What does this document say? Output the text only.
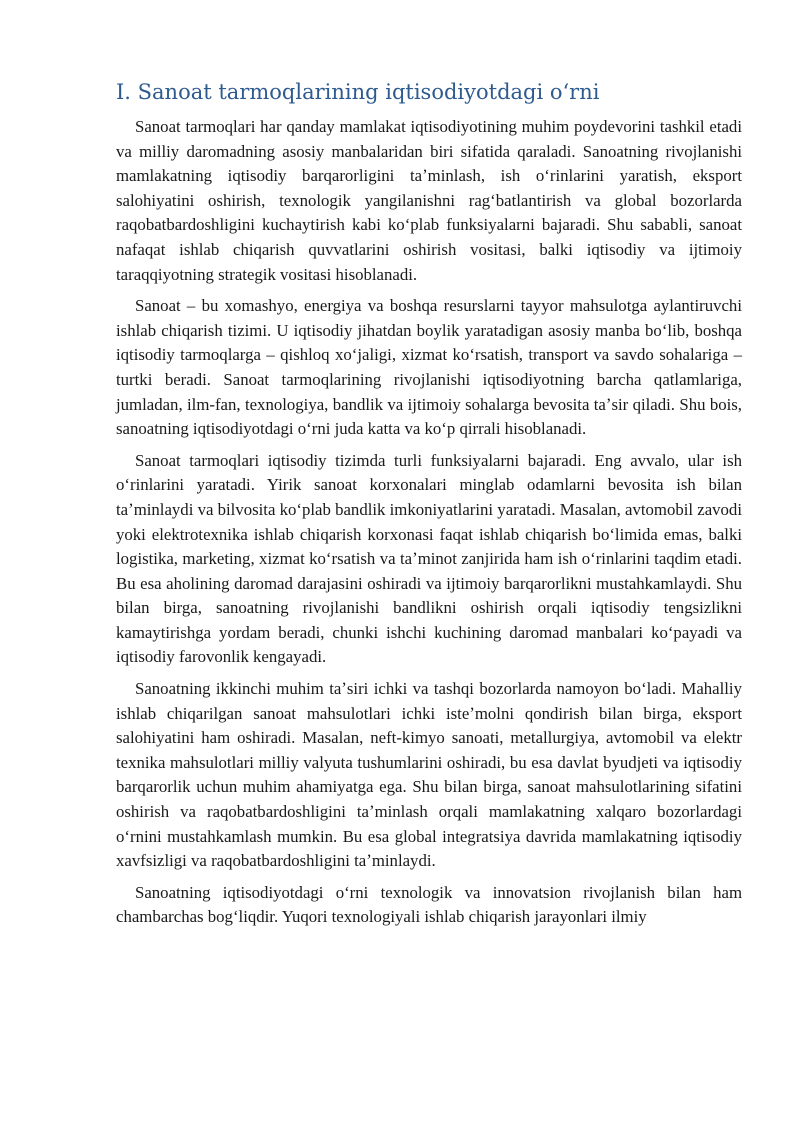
I. Sanoat tarmoqlarining iqtisodiyotdagi oʻrni

Sanoat tarmoqlari har qanday mamlakat iqtisodiyotining muhim poydevorini tashkil etadi va milliy daromadning asosiy manbalaridan biri sifatida qaraladi. Sanoatning rivojlanishi mamlakatning iqtisodiy barqarorligini taʼminlash, ish oʻrinlarini yaratish, eksport salohiyatini oshirish, texnologik yangilanishni ragʻbatlantirish va global bozorlarda raqobatbardoshligini kuchaytirish kabi koʻplab funksiyalarni bajaradi. Shu sababli, sanoat nafaqat ishlab chiqarish quvvatlarini oshirish vositasi, balki iqtisodiy va ijtimoiy taraqqiyotning strategik vositasi hisoblanadi.

Sanoat – bu xomashyo, energiya va boshqa resurslarni tayyor mahsulotga aylantiruvchi ishlab chiqarish tizimi. U iqtisodiy jihatdan boylik yaratadigan asosiy manba boʻlib, boshqa iqtisodiy tarmoqlarga – qishloq xoʻjaligi, xizmat koʻrsatish, transport va savdo sohalariga – turtki beradi. Sanoat tarmoqlarining rivojlanishi iqtisodiyotning barcha qatlamlariga, jumladan, ilm-fan, texnologiya, bandlik va ijtimoiy sohalarga bevosita taʼsir qiladi. Shu bois, sanoatning iqtisodiyotdagi oʻrni juda katta va koʻp qirrali hisoblanadi.

Sanoat tarmoqlari iqtisodiy tizimda turli funksiyalarni bajaradi. Eng avvalo, ular ish oʻrinlarini yaratadi. Yirik sanoat korxonalari minglab odamlarni bevosita ish bilan taʼminlaydi va bilvosita koʻplab bandlik imkoniyatlarini yaratadi. Masalan, avtomobil zavodi yoki elektrotexnika ishlab chiqarish korxonasi faqat ishlab chiqarish boʻlimida emas, balki logistika, marketing, xizmat koʻrsatish va taʼminot zanjirida ham ish oʻrinlarini taqdim etadi. Bu esa aholining daromad darajasini oshiradi va ijtimoiy barqarorlikni mustahkamlaydi. Shu bilan birga, sanoatning rivojlanishi bandlikni oshirish orqali iqtisodiy tengsizlikni kamaytirishga yordam beradi, chunki ishchi kuchining daromad manbalari koʻpayadi va iqtisodiy farovonlik kengayadi.

Sanoatning ikkinchi muhim taʼsiri ichki va tashqi bozorlarda namoyon boʻladi. Mahalliy ishlab chiqarilgan sanoat mahsulotlari ichki isteʼmolni qondirish bilan birga, eksport salohiyatini ham oshiradi. Masalan, neft-kimyo sanoati, metallurgiya, avtomobil va elektr texnika mahsulotlari milliy valyuta tushumlarini oshiradi, bu esa davlat byudjeti va iqtisodiy barqarorlik uchun muhim ahamiyatga ega. Shu bilan birga, sanoat mahsulotlarining sifatini oshirish va raqobatbardoshligini taʼminlash orqali mamlakatning xalqaro bozorlardagi oʻrnini mustahkamlash mumkin. Bu esa global integratsiya davrida mamlakatning iqtisodiy xavfsizligi va raqobatbardoshligini taʼminlaydi.

Sanoatning iqtisodiyotdagi oʻrni texnologik va innovatsion rivojlanish bilan ham chambarchas bogʻliqdir. Yuqori texnologiyali ishlab chiqarish jarayonlari ilmiy
